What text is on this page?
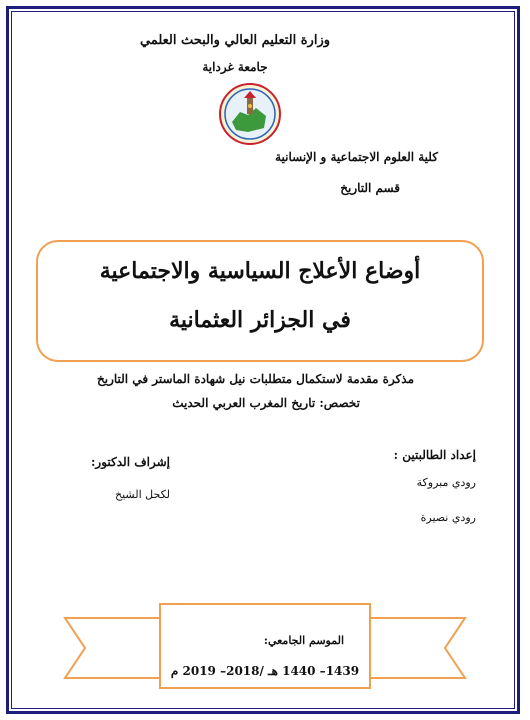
وزارة التعليم العالي والبحث العلمي
جامعة غرداية
كلية العلوم الاجتماعية و الإنسانية
قسم التاريخ
أوضاع الأعلاج السياسية والاجتماعية
في الجزائر العثمانية
مذكرة مقدمة لاستكمال متطلبات نيل شهادة الماستر في التاريخ
تخصص: تاريخ المغرب العربي الحديث
إعداد الطالبتين :
رودي مبروكة
رودي نصيرة
إشراف الدكتور:
لكحل الشيخ
الموسم الجامعي:
1439– 1440 هـ /2018– 2019 م
